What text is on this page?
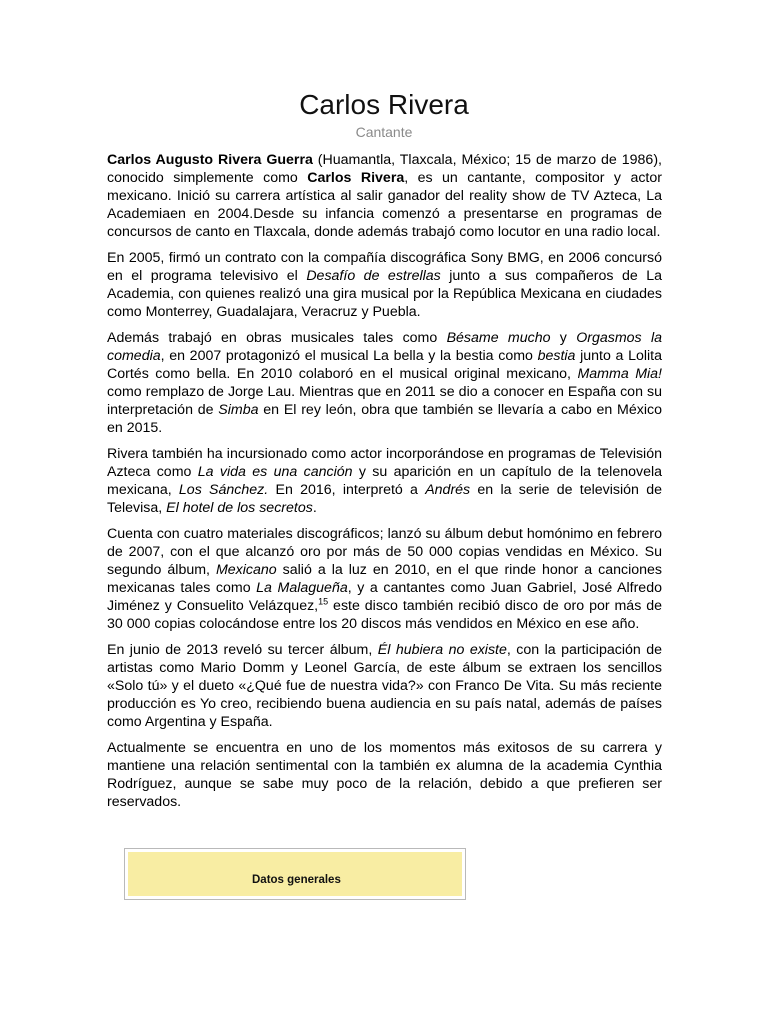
Carlos Rivera
Cantante

Carlos Augusto Rivera Guerra (Huamantla, Tlaxcala, México; 15 de marzo de 1986), conocido simplemente como Carlos Rivera, es un cantante, compositor y actor mexicano. Inició su carrera artística al salir ganador del reality show de TV Azteca, La Academiaen en 2004.Desde su infancia comenzó a presentarse en programas de concursos de canto en Tlaxcala, donde además trabajó como locutor en una radio local.

En 2005, firmó un contrato con la compañía discográfica Sony BMG, en 2006 concursó en el programa televisivo el Desafío de estrellas junto a sus compañeros de La Academia, con quienes realizó una gira musical por la República Mexicana en ciudades como Monterrey, Guadalajara, Veracruz y Puebla.

Además trabajó en obras musicales tales como Bésame mucho y Orgasmos la comedia, en 2007 protagonizó el musical La bella y la bestia como bestia junto a Lolita Cortés como bella. En 2010 colaboró en el musical original mexicano, Mamma Mia! como remplazo de Jorge Lau. Mientras que en 2011 se dio a conocer en España con su interpretación de Simba en El rey león, obra que también se llevaría a cabo en México en 2015.

Rivera también ha incursionado como actor incorporándose en programas de Televisión Azteca como La vida es una canción y su aparición en un capítulo de la telenovela mexicana, Los Sánchez. En 2016, interpretó a Andrés en la serie de televisión de Televisa, El hotel de los secretos.

Cuenta con cuatro materiales discográficos; lanzó su álbum debut homónimo en febrero de 2007, con el que alcanzó oro por más de 50 000 copias vendidas en México. Su segundo álbum, Mexicano salió a la luz en 2010, en el que rinde honor a canciones mexicanas tales como La Malagueña, y a cantantes como Juan Gabriel, José Alfredo Jiménez y Consuelito Velázquez,$^{15}$ este disco también recibió disco de oro por más de 30 000 copias colocándose entre los 20 discos más vendidos en México en ese año.

En junio de 2013 reveló su tercer álbum, Él hubiera no existe, con la participación de artistas como Mario Domm y Leonel García, de este álbum se extraen los sencillos «Solo tú» y el dueto «¿Qué fue de nuestra vida?» con Franco De Vita. Su más reciente producción es Yo creo, recibiendo buena audiencia en su país natal, además de países como Argentina y España.

Actualmente se encuentra en uno de los momentos más exitosos de su carrera y mantiene una relación sentimental con la también ex alumna de la academia Cynthia Rodríguez, aunque se sabe muy poco de la relación, debido a que prefieren ser reservados.

Datos generales
